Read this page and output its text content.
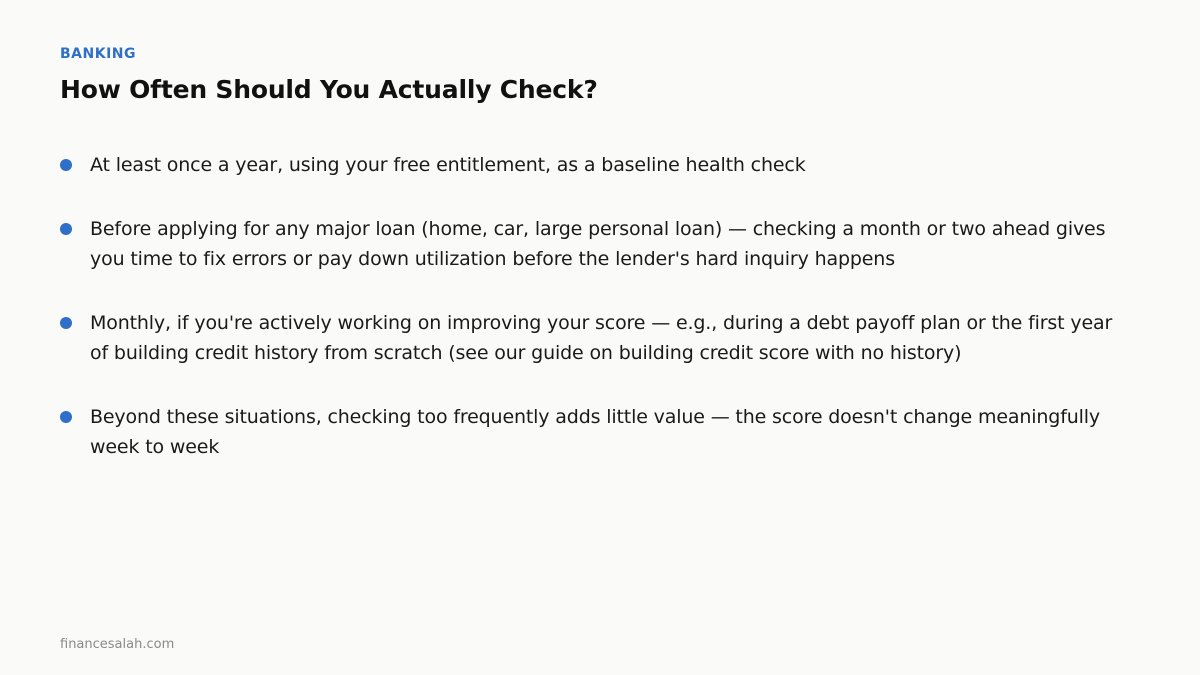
BANKING
How Often Should You Actually Check?
At least once a year, using your free entitlement, as a baseline health check
Before applying for any major loan (home, car, large personal loan) — checking a month or two ahead gives you time to fix errors or pay down utilization before the lender's hard inquiry happens
Monthly, if you're actively working on improving your score — e.g., during a debt payoff plan or the first year of building credit history from scratch (see our guide on building credit score with no history)
Beyond these situations, checking too frequently adds little value — the score doesn't change meaningfully week to week
financesalah.com
